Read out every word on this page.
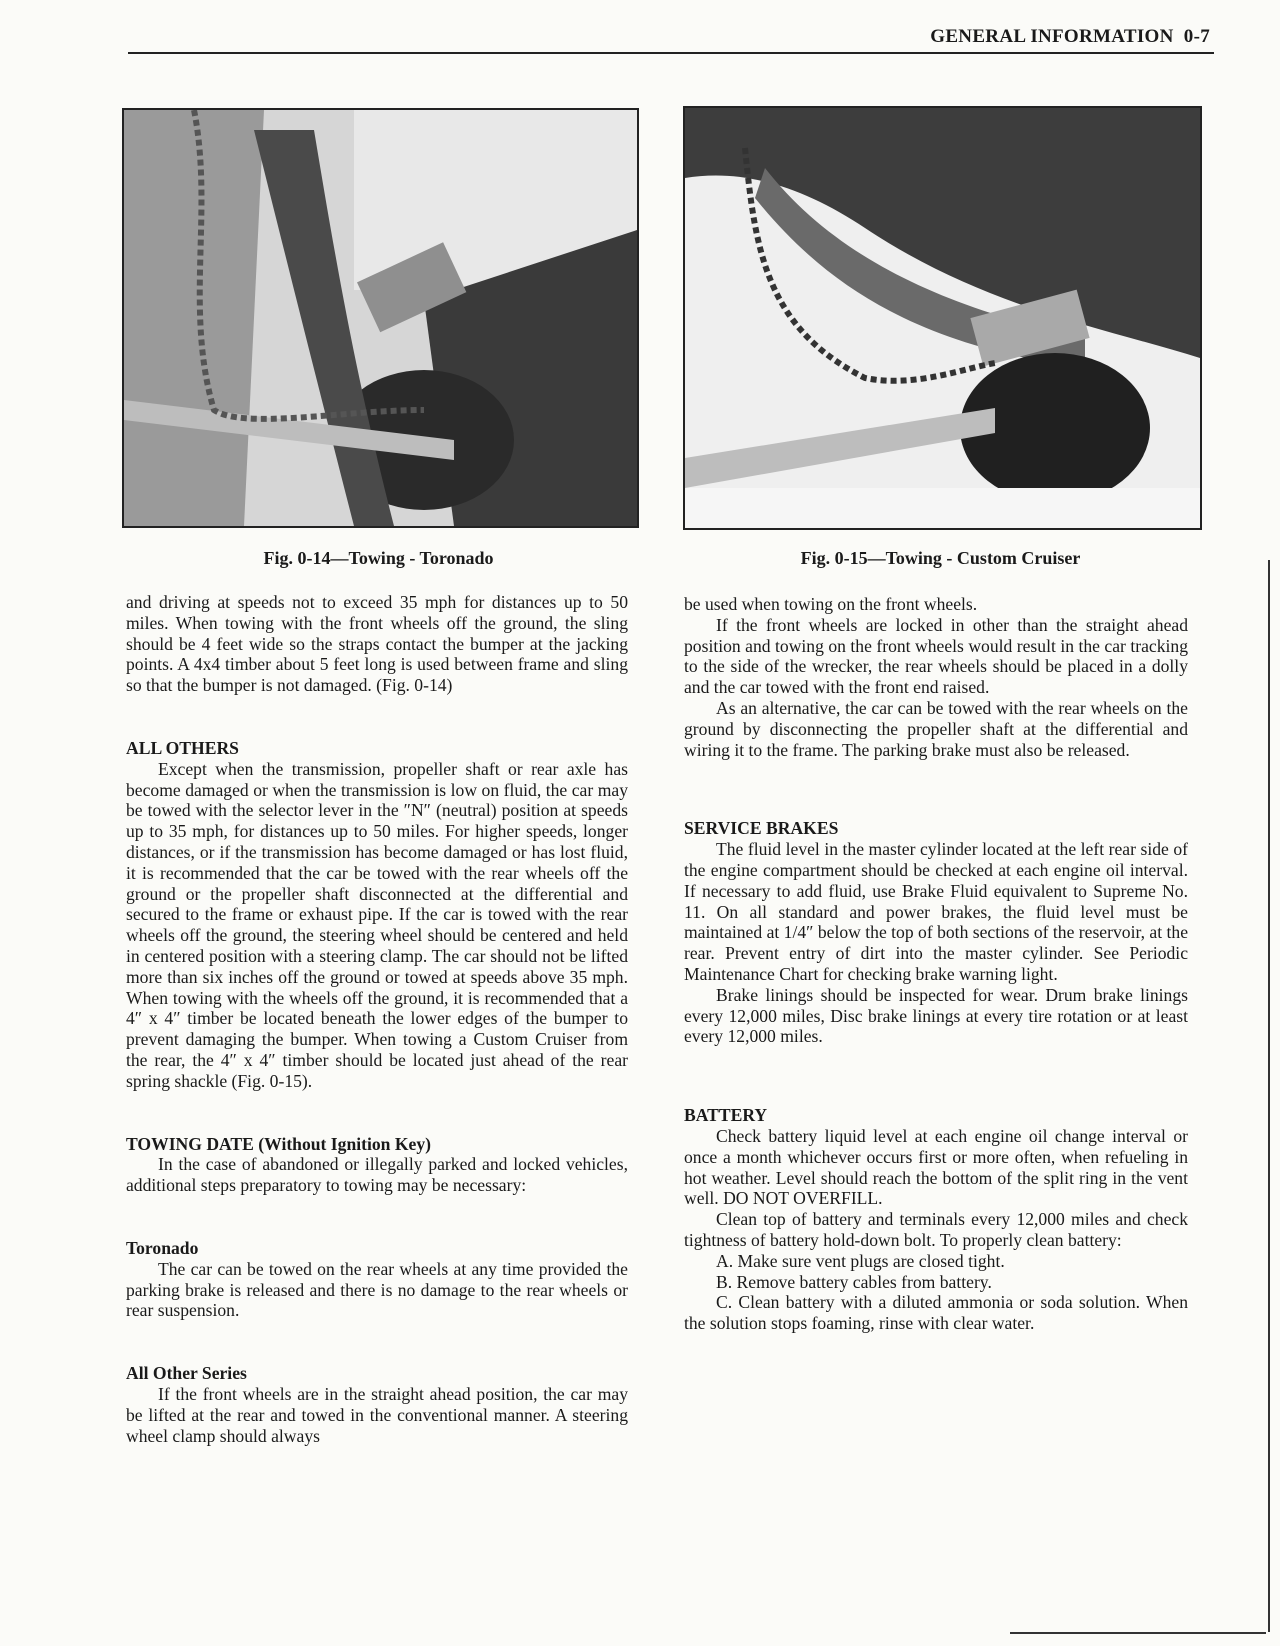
GENERAL INFORMATION 0-7
Fig. 0-14—Towing - Toronado	Fig. 0-15—Towing - Custom Cruiser

and driving at speeds not to exceed 35 mph for distances up to 50 miles. When towing with the front wheels off the ground, the sling should be 4 feet wide so the straps contact the bumper at the jacking points. A 4x4 timber about 5 feet long is used between frame and sling so that the bumper is not damaged. (Fig. 0-14)

ALL OTHERS

Except when the transmission, propeller shaft or rear axle has become damaged or when the transmission is low on fluid, the car may be towed with the selector lever in the ″N″ (neutral) position at speeds up to 35 mph, for distances up to 50 miles. For higher speeds, longer distances, or if the transmission has become damaged or has lost fluid, it is recommended that the car be towed with the rear wheels off the ground or the propeller shaft disconnected at the differential and secured to the frame or exhaust pipe. If the car is towed with the rear wheels off the ground, the steering wheel should be centered and held in centered position with a steering clamp. The car should not be lifted more than six inches off the ground or towed at speeds above 35 mph. When towing with the wheels off the ground, it is recommended that a 4″ x 4″ timber be located beneath the lower edges of the bumper to prevent damaging the bumper. When towing a Custom Cruiser from the rear, the 4″ x 4″ timber should be located just ahead of the rear spring shackle (Fig. 0-15).

TOWING DATE (Without Ignition Key)

In the case of abandoned or illegally parked and locked vehicles, additional steps preparatory to towing may be necessary:

Toronado

The car can be towed on the rear wheels at any time provided the parking brake is released and there is no damage to the rear wheels or rear suspension.

All Other Series

If the front wheels are in the straight ahead position, the car may be lifted at the rear and towed in the conventional manner. A steering wheel clamp should always

be used when towing on the front wheels.

If the front wheels are locked in other than the straight ahead position and towing on the front wheels would result in the car tracking to the side of the wrecker, the rear wheels should be placed in a dolly and the car towed with the front end raised.

As an alternative, the car can be towed with the rear wheels on the ground by disconnecting the propeller shaft at the differential and wiring it to the frame. The parking brake must also be released.

SERVICE BRAKES

The fluid level in the master cylinder located at the left rear side of the engine compartment should be checked at each engine oil interval. If necessary to add fluid, use Brake Fluid equivalent to Supreme No. 11. On all standard and power brakes, the fluid level must be maintained at 1/4″ below the top of both sections of the reservoir, at the rear. Prevent entry of dirt into the master cylinder. See Periodic Maintenance Chart for checking brake warning light.

Brake linings should be inspected for wear. Drum brake linings every 12,000 miles, Disc brake linings at every tire rotation or at least every 12,000 miles.

BATTERY

Check battery liquid level at each engine oil change interval or once a month whichever occurs first or more often, when refueling in hot weather. Level should reach the bottom of the split ring in the vent well. DO NOT OVERFILL.

Clean top of battery and terminals every 12,000 miles and check tightness of battery hold-down bolt. To properly clean battery:

A. Make sure vent plugs are closed tight.

B. Remove battery cables from battery.

C. Clean battery with a diluted ammonia or soda solution. When the solution stops foaming, rinse with clear water.
